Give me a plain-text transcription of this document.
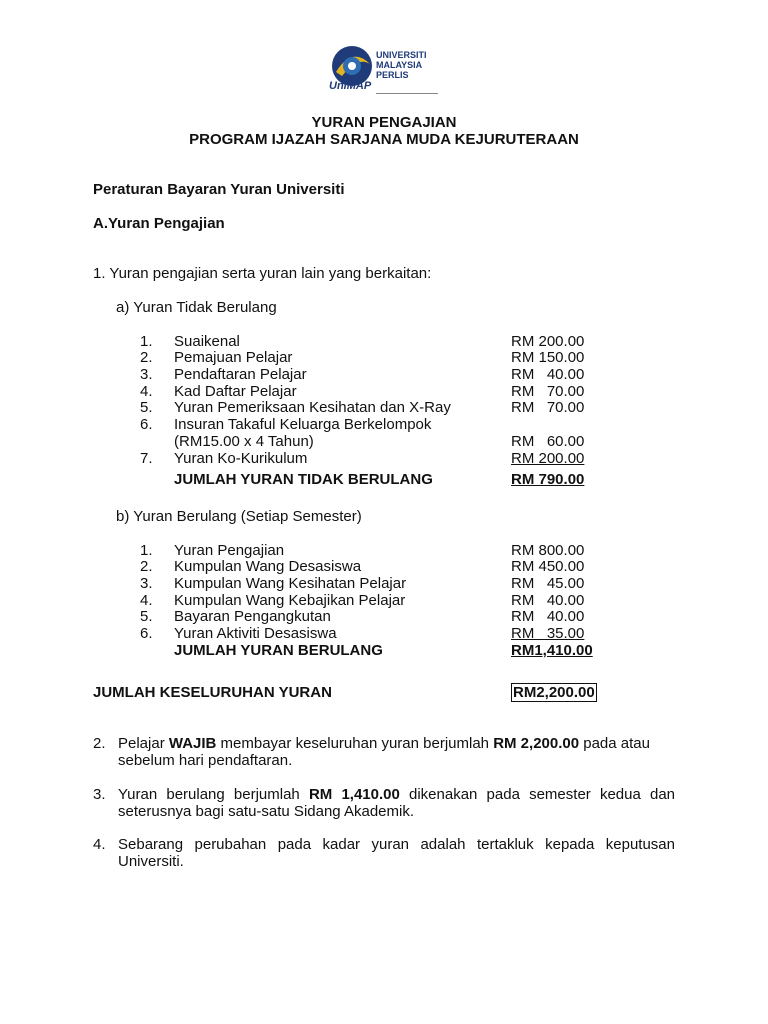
UNIVERSITI
MALAYSIA
PERLIS
UniMAP
YURAN PENGAJIAN
PROGRAM IJAZAH SARJANA MUDA KEJURUTERAAN
Peraturan Bayaran Yuran Universiti
A.Yuran Pengajian
1. Yuran pengajian serta yuran lain yang berkaitan:
a) Yuran Tidak Berulang
1. Suaikenal	RM 200.00
2. Pemajuan Pelajar	RM 150.00
3. Pendaftaran Pelajar	RM   40.00
4. Kad Daftar Pelajar	RM   70.00
5. Yuran Pemeriksaan Kesihatan dan X-Ray	RM   70.00
6. Insuran Takaful Keluarga Berkelompok
(RM15.00 x 4 Tahun)	RM   60.00
7. Yuran Ko-Kurikulum	RM 200.00
JUMLAH YURAN TIDAK BERULANG	RM 790.00
b) Yuran Berulang (Setiap Semester)
1. Yuran Pengajian	RM 800.00
2. Kumpulan Wang Desasiswa	RM 450.00
3. Kumpulan Wang Kesihatan Pelajar	RM   45.00
4. Kumpulan Wang Kebajikan Pelajar	RM   40.00
5. Bayaran Pengangkutan	RM   40.00
6. Yuran Aktiviti Desasiswa	RM   35.00
JUMLAH YURAN BERULANG	RM1,410.00
JUMLAH KESELURUHAN YURAN	RM2,200.00
2. Pelajar WAJIB membayar keseluruhan yuran berjumlah RM 2,200.00 pada atau sebelum hari pendaftaran.
3. Yuran berulang berjumlah RM 1,410.00 dikenakan pada semester kedua dan seterusnya bagi satu-satu Sidang Akademik.
4. Sebarang perubahan pada kadar yuran adalah tertakluk kepada keputusan Universiti.
